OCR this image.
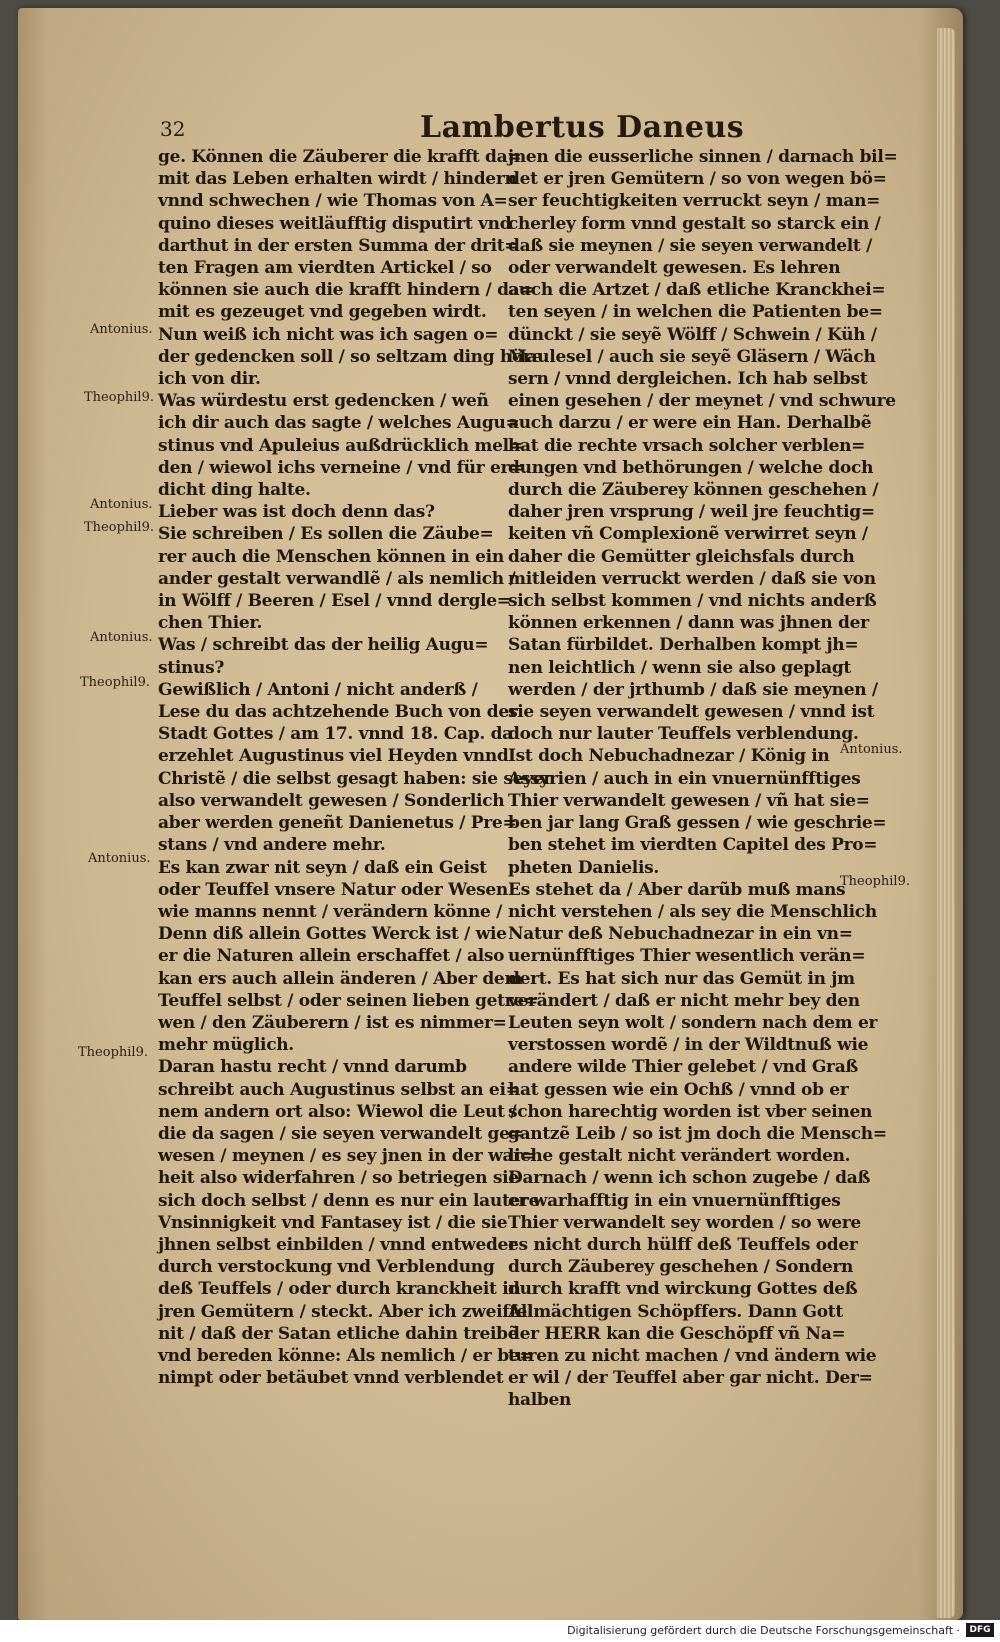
32	Lambertus Daneus
ge. Können die Zäuberer die krafft da=
mit das Leben erhalten wirdt / hindern
vnnd schwechen / wie Thomas von A=
quino dieses weitläufftig disputirt vnd
darthut in der ersten Summa der drit=
ten Fragen am vierdten Artickel / so
können sie auch die krafft hindern / da=
mit es gezeuget vnd gegeben wirdt.
Nun weiß ich nicht was ich sagen o=
der gedencken soll / so seltzam ding höre
ich von dir.
Was würdestu erst gedencken / weñ
ich dir auch das sagte / welches Augu=
stinus vnd Apuleius außdrücklich mel=
den / wiewol ichs verneine / vnd für er=
dicht ding halte.
Lieber was ist doch denn das?
Sie schreiben / Es sollen die Zäube=
rer auch die Menschen können in ein
ander gestalt verwandlẽ / als nemlich /
in Wölff / Beeren / Esel / vnnd dergle=
chen Thier.
Was / schreibt das der heilig Augu=
stinus?
Gewißlich / Antoni / nicht anderß /
Lese du das achtzehende Buch von der
Stadt Gottes / am 17. vnnd 18. Cap. da
erzehlet Augustinus viel Heyden vnnd
Christẽ / die selbst gesagt haben: sie seyen
also verwandelt gewesen / Sonderlich
aber werden geneñt Danienetus / Pre=
stans / vnd andere mehr.
Es kan zwar nit seyn / daß ein Geist
oder Teuffel vnsere Natur oder Wesen
wie manns nennt / verändern könne /
Denn diß allein Gottes Werck ist / wie
er die Naturen allein erschaffet / also
kan ers auch allein änderen / Aber dem
Teuffel selbst / oder seinen lieben getre=
wen / den Zäuberern / ist es nimmer=
mehr müglich.
Daran hastu recht / vnnd darumb
schreibt auch Augustinus selbst an ei=
nem andern ort also: Wiewol die Leut /
die da sagen / sie seyen verwandelt ge=
wesen / meynen / es sey jnen in der war=
heit also widerfahren / so betriegen sie
sich doch selbst / denn es nur ein lautere
Vnsinnigkeit vnd Fantasey ist / die sie
jhnen selbst einbilden / vnnd entweder
durch verstockung vnd Verblendung
deß Teuffels / oder durch kranckheit in
jren Gemütern / steckt. Aber ich zweiffel
nit / daß der Satan etliche dahin treibẽ
vnd bereden könne: Als nemlich / er be=
nimpt oder betäubet vnnd verblendet
jnen die eusserliche sinnen / darnach bil=
det er jren Gemütern / so von wegen bö=
ser feuchtigkeiten verruckt seyn / man=
cherley form vnnd gestalt so starck ein /
daß sie meynen / sie seyen verwandelt /
oder verwandelt gewesen. Es lehren
auch die Artzet / daß etliche Kranckhei=
ten seyen / in welchen die Patienten be=
dünckt / sie seyẽ Wölff / Schwein / Küh /
Maulesel / auch sie seyẽ Gläsern / Wäch
sern / vnnd dergleichen. Ich hab selbst
einen gesehen / der meynet / vnd schwure
auch darzu / er were ein Han. Derhalbẽ
hat die rechte vrsach solcher verblen=
dungen vnd bethörungen / welche doch
durch die Zäuberey können geschehen /
daher jren vrsprung / weil jre feuchtig=
keiten vñ Complexionẽ verwirret seyn /
daher die Gemütter gleichsfals durch
mitleiden verruckt werden / daß sie von
sich selbst kommen / vnd nichts anderß
können erkennen / dann was jhnen der
Satan fürbildet. Derhalben kompt jh=
nen leichtlich / wenn sie also geplagt
werden / der jrthumb / daß sie meynen /
sie seyen verwandelt gewesen / vnnd ist
doch nur lauter Teuffels verblendung.
Ist doch Nebuchadnezar / König in
Assyrien / auch in ein vnuernünfftiges
Thier verwandelt gewesen / vñ hat sie=
ben jar lang Graß gessen / wie geschrie=
ben stehet im vierdten Capitel des Pro=
pheten Danielis.
Es stehet da / Aber darũb muß mans
nicht verstehen / als sey die Menschlich
Natur deß Nebuchadnezar in ein vn=
uernünfftiges Thier wesentlich verän=
dert. Es hat sich nur das Gemüt in jm
verändert / daß er nicht mehr bey den
Leuten seyn wolt / sondern nach dem er
verstossen wordẽ / in der Wildtnuß wie
andere wilde Thier gelebet / vnd Graß
hat gessen wie ein Ochß / vnnd ob er
schon harechtig worden ist vber seinen
gantzẽ Leib / so ist jm doch die Mensch=
liche gestalt nicht verändert worden.
Darnach / wenn ich schon zugebe / daß
er warhafftig in ein vnuernünfftiges
Thier verwandelt sey worden / so were
es nicht durch hülff deß Teuffels oder
durch Zäuberey geschehen / Sondern
durch krafft vnd wirckung Gottes deß
Allmächtigen Schöpffers. Dann Gott
der HERR kan die Geschöpff vñ Na=
turen zu nicht machen / vnd ändern wie
er wil / der Teuffel aber gar nicht. Der=
halben
Antonius.
Theophil9.
Antonius.
Theophil9.
Antonius.
Theophil9.
Antonius.
Theophil9.
Antonius.
Theophil9.
Digitalisierung gefördert durch die Deutsche Forschungsgemeinschaft ·	DFG
